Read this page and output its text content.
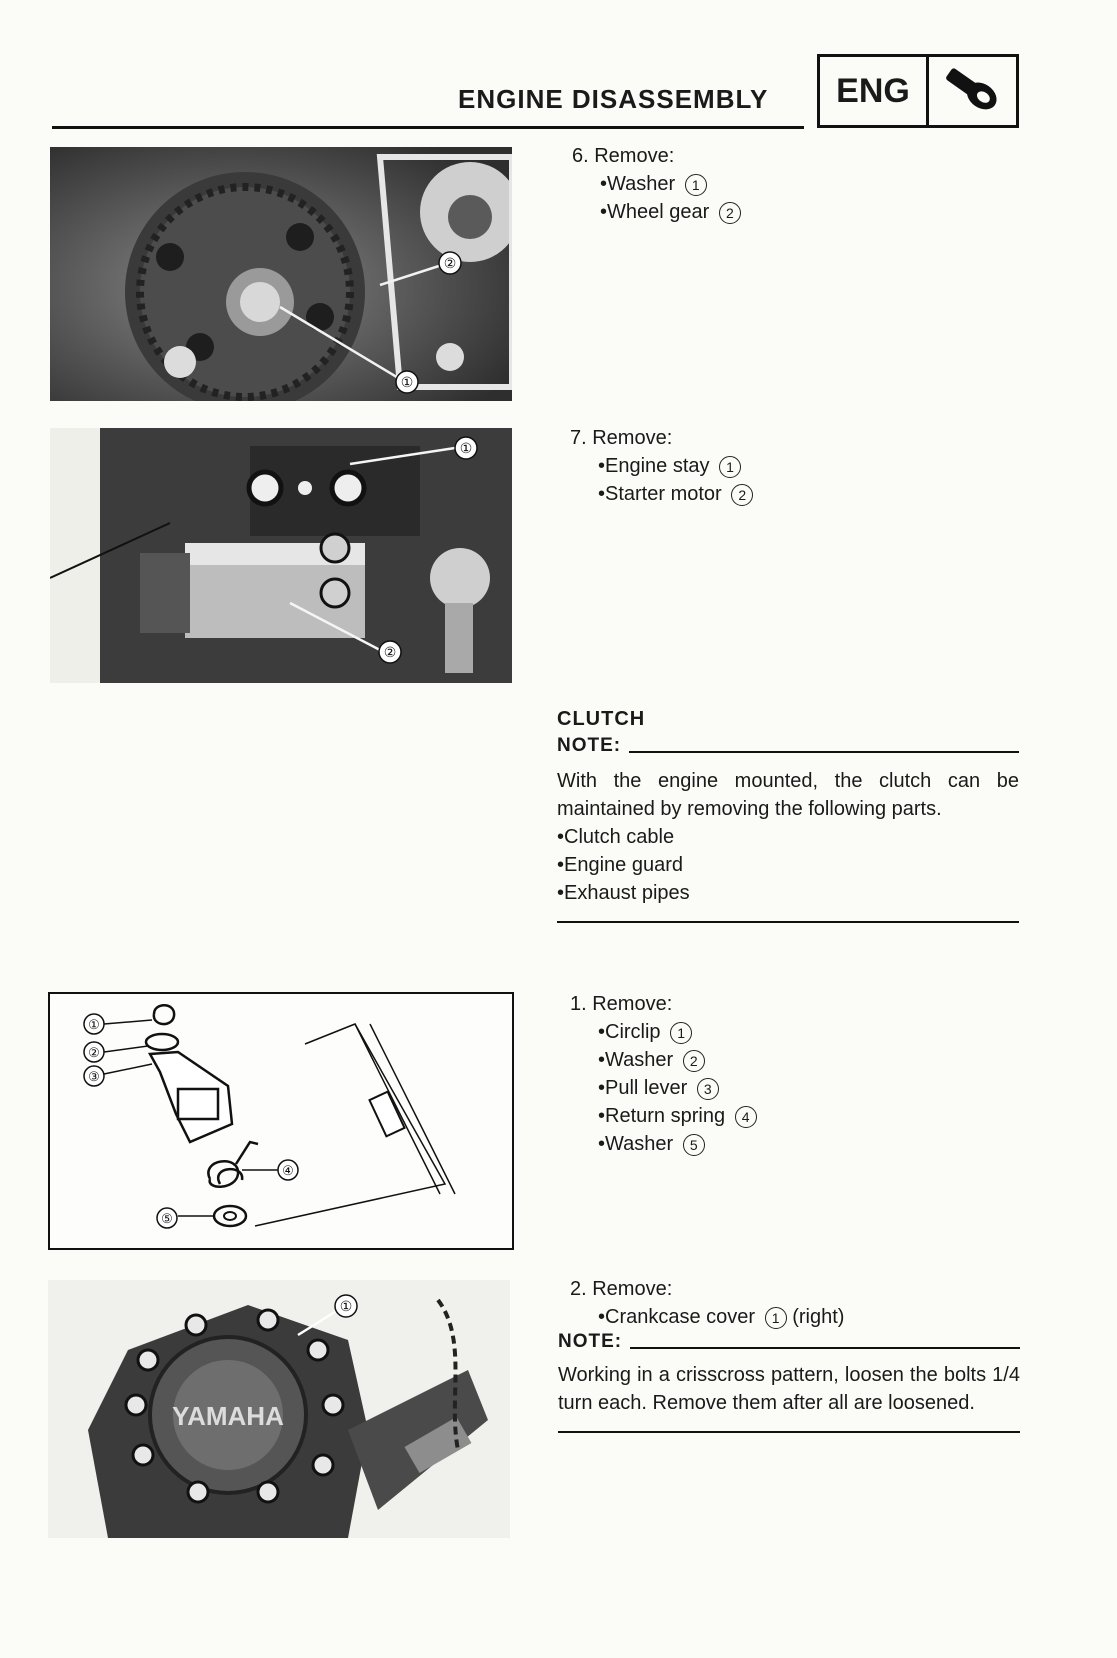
ENGINE DISASSEMBLY	ENG
①
②
①
②
①
②
③
④
⑤
YAMAHA
①
6. Remove:
•Washer 1
•Wheel gear 2
7. Remove:
•Engine stay 1
•Starter motor 2
CLUTCH
NOTE:
With the engine mounted, the clutch can be maintained by removing the following parts.
•Clutch cable
•Engine guard
•Exhaust pipes
1. Remove:
•Circlip 1
•Washer 2
•Pull lever 3
•Return spring 4
•Washer 5
2. Remove:
•Crankcase cover 1 (right)
NOTE:
Working in a crisscross pattern, loosen the bolts 1/4 turn each. Remove them after all are loosened.
